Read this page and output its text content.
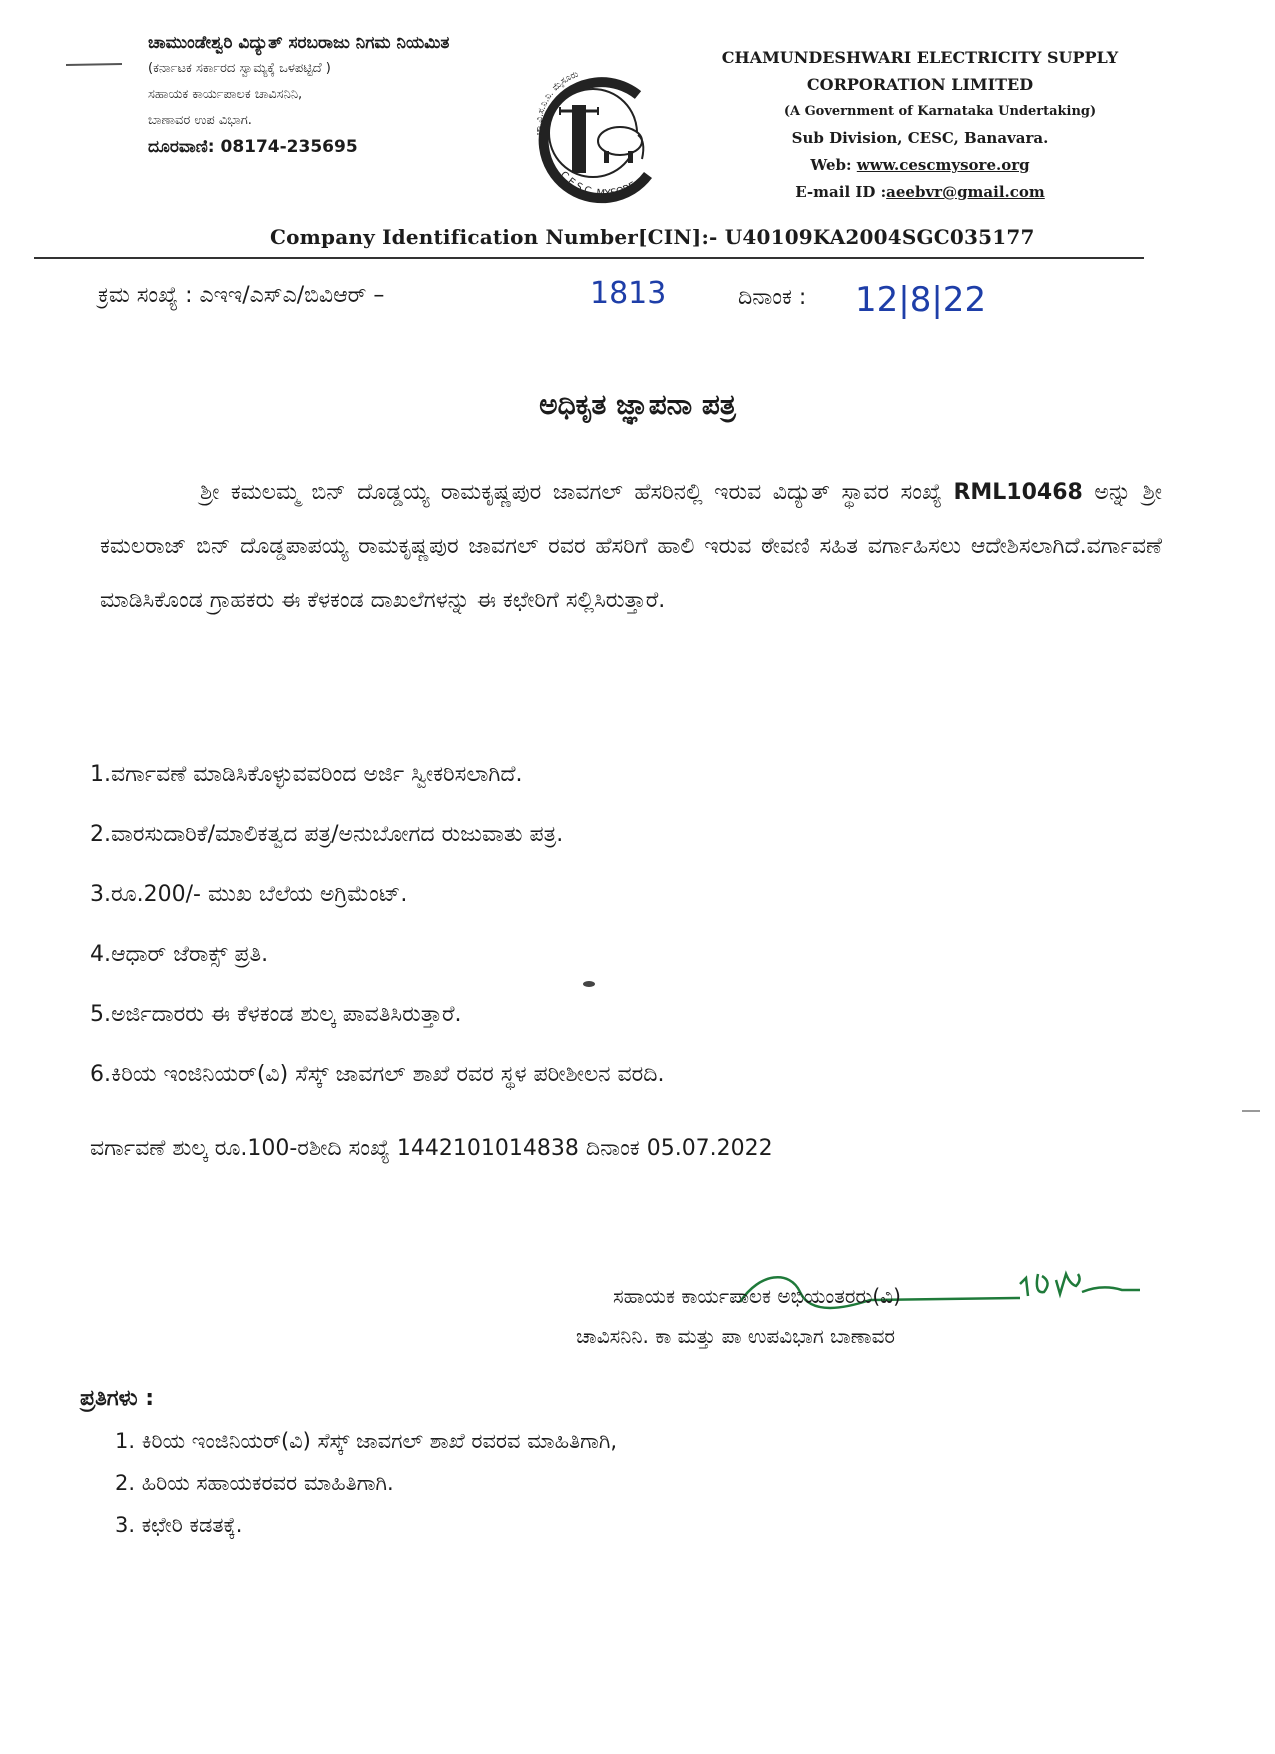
ಚಾಮುಂಡೇಶ್ವರಿ ವಿದ್ಯುತ್ ಸರಬರಾಜು ನಿಗಮ ನಿಯಮಿತ
(ಕರ್ನಾಟಕ ಸರ್ಕಾರದ ಸ್ವಾಮ್ಯಕ್ಕೆ ಒಳಪಟ್ಟಿದೆ )
ಸಹಾಯಕ ಕಾರ್ಯಪಾಲಕ ಚಾವಿಸನಿನಿ,
ಬಾಣಾವರ ಉಪ ವಿಭಾಗ.
ದೂರವಾಣಿ: 08174-235695
ಚಾ.ವಿ.ಸ.ನಿ.ನಿ. ಮೈಸೂರು
C.E.S.C. MYSORE
CHAMUNDESHWARI ELECTRICITY SUPPLY
CORPORATION LIMITED
(A Government of Karnataka Undertaking)
Sub Division, CESC, Banavara.
Web: www.cescmysore.org
E-mail ID :aeebvr@gmail.com
Company Identification Number[CIN]:- U40109KA2004SGC035177
ಕ್ರಮ ಸಂಖ್ಯೆ : ಎಇಇ/ಎಸ್ಎ/ಬಿವಿಆರ್ –	1813	ದಿನಾಂಕ : 12|8|22
ಅಧಿಕೃತ ಜ್ಞಾಪನಾ ಪತ್ರ
ಶ್ರೀ ಕಮಲಮ್ಮ ಬಿನ್ ದೊಡ್ಡಯ್ಯ ರಾಮಕೃಷ್ಣಪುರ ಜಾವಗಲ್ ಹೆಸರಿನಲ್ಲಿ ಇರುವ ವಿದ್ಯುತ್ ಸ್ಥಾವರ ಸಂಖ್ಯೆ RML10468 ಅನ್ನು ಶ್ರೀ ಕಮಲರಾಜ್ ಬಿನ್ ದೊಡ್ಡಪಾಪಯ್ಯ ರಾಮಕೃಷ್ಣಪುರ ಜಾವಗಲ್ ರವರ ಹೆಸರಿಗೆ ಹಾಲಿ ಇರುವ ಠೇವಣಿ ಸಹಿತ ವರ್ಗಾಹಿಸಲು ಆದೇಶಿಸಲಾಗಿದೆ.ವರ್ಗಾವಣೆ ಮಾಡಿಸಿಕೊಂಡ ಗ್ರಾಹಕರು ಈ ಕೆಳಕಂಡ ದಾಖಲೆಗಳನ್ನು ಈ ಕಛೇರಿಗೆ ಸಲ್ಲಿಸಿರುತ್ತಾರೆ.
1.ವರ್ಗಾವಣೆ ಮಾಡಿಸಿಕೊಳ್ಳುವವರಿಂದ ಅರ್ಜಿ ಸ್ವೀಕರಿಸಲಾಗಿದೆ.
2.ವಾರಸುದಾರಿಕೆ/ಮಾಲಿಕತ್ವದ ಪತ್ರ/ಅನುಬೋಗದ ರುಜುವಾತು ಪತ್ರ.
3.ರೂ.200/- ಮುಖ ಬೆಲೆಯ ಅಗ್ರಿಮೆಂಟ್.
4.ಆಧಾರ್ ಜೆರಾಕ್ಸ್ ಪ್ರತಿ.
5.ಅರ್ಜಿದಾರರು ಈ ಕೆಳಕಂಡ ಶುಲ್ಕ ಪಾವತಿಸಿರುತ್ತಾರೆ.
6.ಕಿರಿಯ ಇಂಜಿನಿಯರ್(ವಿ) ಸೆಸ್ಕ್ ಜಾವಗಲ್ ಶಾಖೆ ರವರ ಸ್ಥಳ ಪರೀಶೀಲನ ವರದಿ.
ವರ್ಗಾವಣೆ ಶುಲ್ಕ ರೂ.100-ರಶೀದಿ ಸಂಖ್ಯೆ 1442101014838 ದಿನಾಂಕ 05.07.2022
ಸಹಾಯಕ ಕಾರ್ಯಪಾಲಕ ಅಭಿಯಂತರರು(ವಿ)
ಚಾವಿಸನಿನಿ. ಕಾ ಮತ್ತು ಪಾ ಉಪವಿಭಾಗ ಬಾಣಾವರ
ಪ್ರತಿಗಳು :
1. ಕಿರಿಯ ಇಂಜಿನಿಯರ್(ವಿ) ಸೆಸ್ಕ್ ಜಾವಗಲ್ ಶಾಖೆ ರವರವ ಮಾಹಿತಿಗಾಗಿ,
2. ಹಿರಿಯ ಸಹಾಯಕರವರ ಮಾಹಿತಿಗಾಗಿ.
3. ಕಛೇರಿ ಕಡತಕ್ಕೆ.
